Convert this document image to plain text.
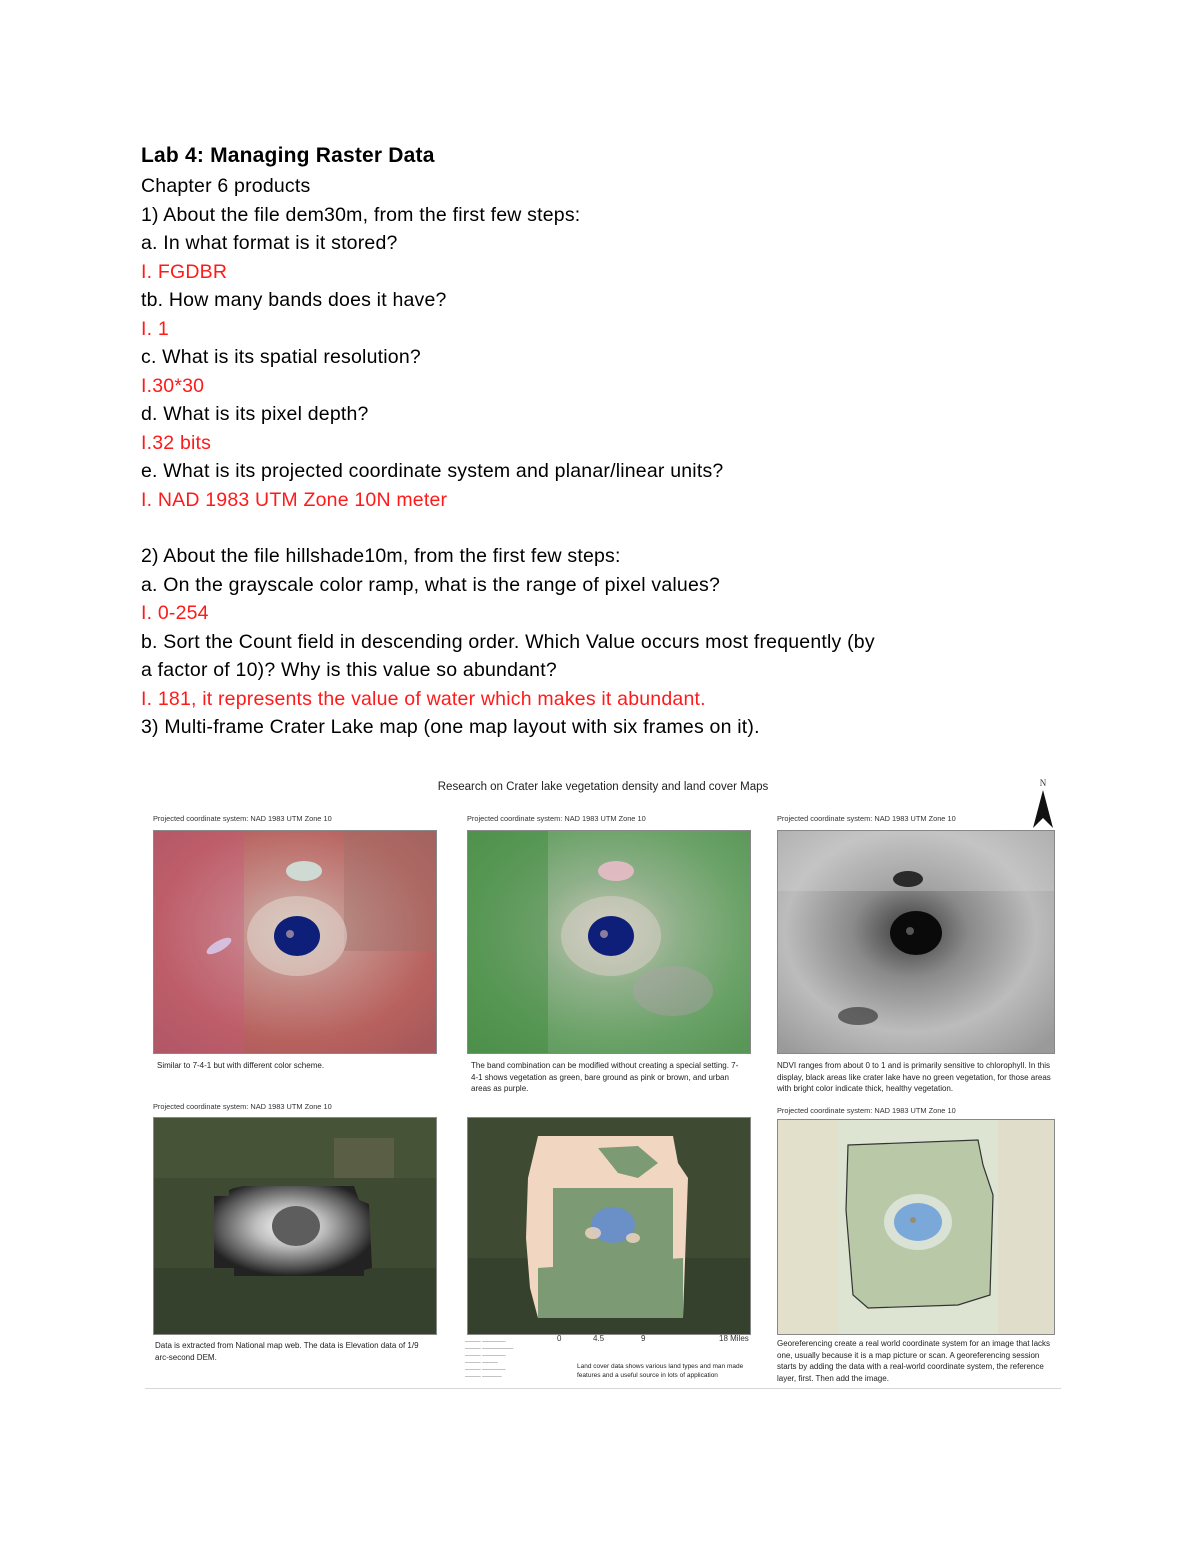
Lab 4: Managing Raster Data
Chapter 6 products
1) About the file dem30m, from the first few steps:
a. In what format is it stored?
I. FGDBR
tb. How many bands does it have?
I. 1
c. What is its spatial resolution?
I.30*30
d. What is its pixel depth?
I.32 bits
e. What is its projected coordinate system and planar/linear units?
I. NAD 1983 UTM Zone 10N meter
2) About the file hillshade10m, from the first few steps:
a. On the grayscale color ramp, what is the range of pixel values?
I. 0-254
b. Sort the Count field in descending order. Which Value occurs most frequently (by
a factor of 10)? Why is this value so abundant?
I. 181, it represents the value of water which makes it abundant.
3) Multi-frame Crater Lake map (one map layout with six frames on it).
Research on Crater lake vegetation density and land cover Maps	N
Projected coordinate system: NAD 1983 UTM Zone 10	Projected coordinate system: NAD 1983 UTM Zone 10	Projected coordinate system: NAD 1983 UTM Zone 10
Similar to 7-4-1 but with different color scheme.	The band combination can be modified without creating a special setting. 7-4-1 shows vegetation as green, bare ground as pink or brown, and urban areas as purple.
NDVI ranges from about 0 to 1 and is primarily sensitive to chlorophyll. In this display, black areas like crater lake have no green vegetation, for those areas with bright color indicate thick, healthy vegetation.
Projected coordinate system: NAD 1983 UTM Zone 10	Projected coordinate system: NAD 1983 UTM Zone 10
Data is extracted from National map web. The data is Elevation data of 1/9 arc-second DEM.
──── ──────
──── ────────
──── ──────
──── ────
──── ──────
──── ─────
0	4.5	9	18 Miles
Land cover data shows various land types and man made features and a useful source in lots of application
Georeferencing create a real world coordinate system for an image that lacks one, usually because it is a map picture or scan. A georeferencing session starts by adding the data with a real-world coordinate system, the reference layer, first. Then add the image.
